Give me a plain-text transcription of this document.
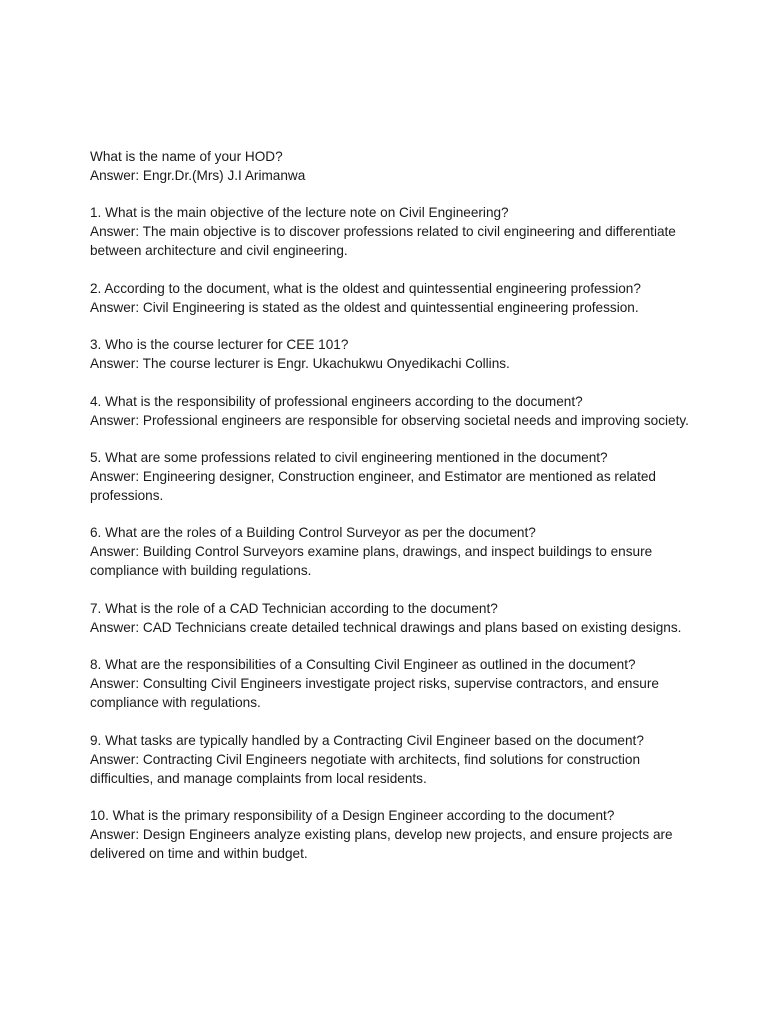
What is the name of your HOD?
Answer: Engr.Dr.(Mrs) J.I Arimanwa
1. What is the main objective of the lecture note on Civil Engineering?
Answer: The main objective is to discover professions related to civil engineering and differentiate between architecture and civil engineering.
2. According to the document, what is the oldest and quintessential engineering profession?
Answer: Civil Engineering is stated as the oldest and quintessential engineering profession.
3. Who is the course lecturer for CEE 101?
Answer: The course lecturer is Engr. Ukachukwu Onyedikachi Collins.
4. What is the responsibility of professional engineers according to the document?
Answer: Professional engineers are responsible for observing societal needs and improving society.
5. What are some professions related to civil engineering mentioned in the document?
Answer: Engineering designer, Construction engineer, and Estimator are mentioned as related professions.
6. What are the roles of a Building Control Surveyor as per the document?
Answer: Building Control Surveyors examine plans, drawings, and inspect buildings to ensure compliance with building regulations.
7. What is the role of a CAD Technician according to the document?
Answer: CAD Technicians create detailed technical drawings and plans based on existing designs.
8. What are the responsibilities of a Consulting Civil Engineer as outlined in the document?
Answer: Consulting Civil Engineers investigate project risks, supervise contractors, and ensure compliance with regulations.
9. What tasks are typically handled by a Contracting Civil Engineer based on the document?
Answer: Contracting Civil Engineers negotiate with architects, find solutions for construction difficulties, and manage complaints from local residents.
10. What is the primary responsibility of a Design Engineer according to the document?
Answer: Design Engineers analyze existing plans, develop new projects, and ensure projects are delivered on time and within budget.
